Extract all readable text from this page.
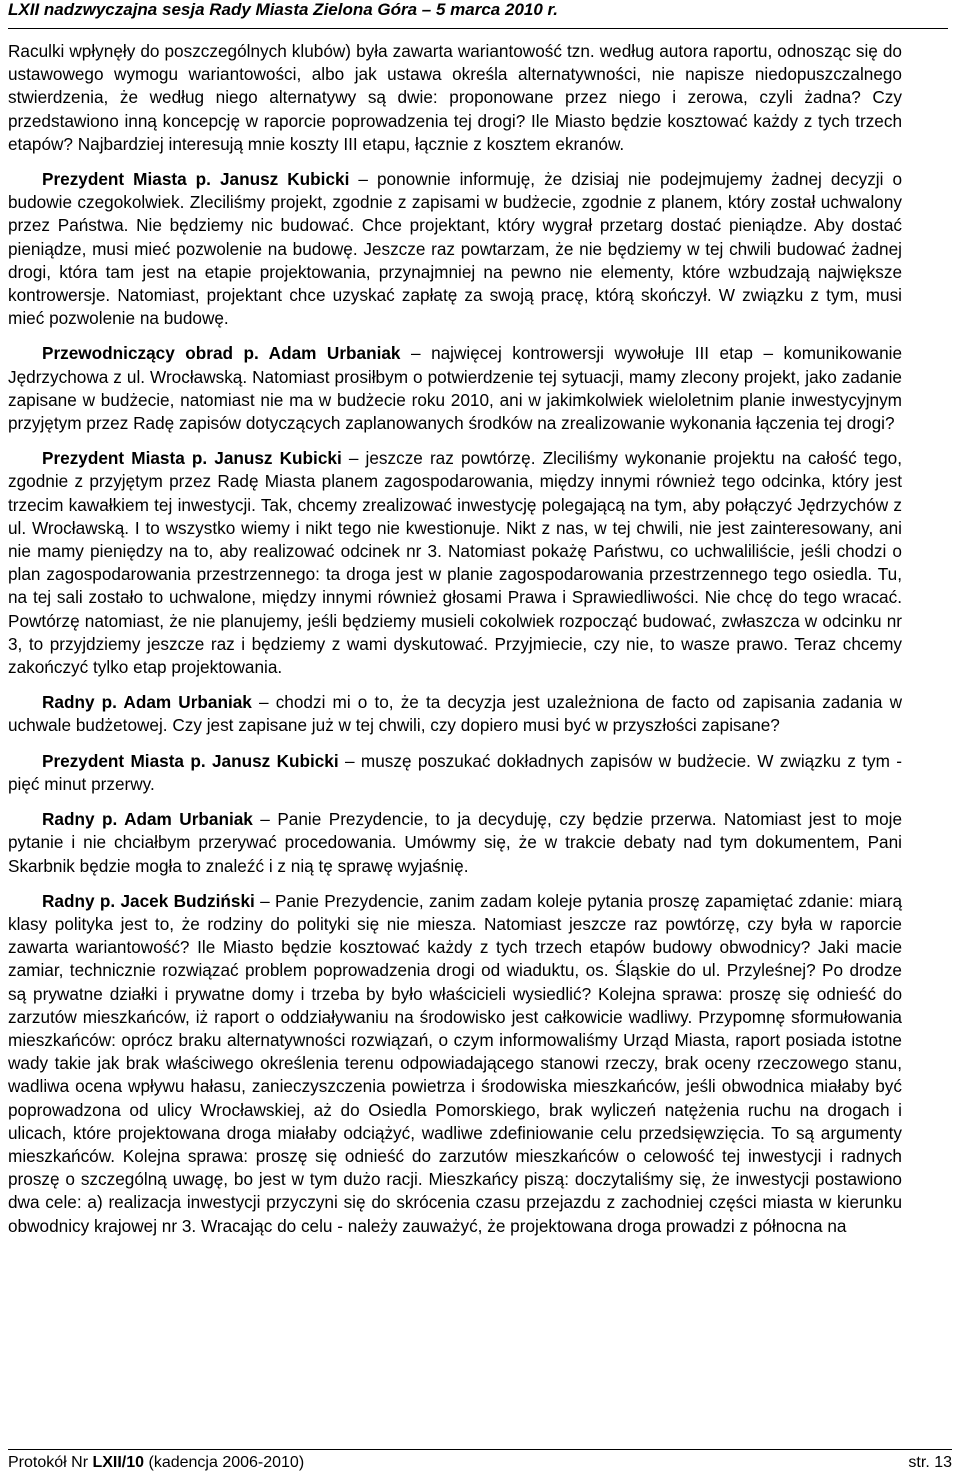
LXII nadzwyczajna sesja Rady Miasta Zielona Góra – 5 marca 2010 r.

Raculki wpłynęły do poszczególnych klubów) była zawarta wariantowość tzn. według autora raportu, odnosząc się do ustawowego wymogu wariantowości, albo jak ustawa określa alternatywności, nie napisze niedopuszczalnego stwierdzenia, że według niego alternatywy są dwie: proponowane przez niego i zerowa, czyli żadna? Czy przedstawiono inną koncepcję w raporcie poprowadzenia tej drogi? Ile Miasto będzie kosztować każdy z tych trzech etapów? Najbardziej interesują mnie koszty III etapu, łącznie z kosztem ekranów.

Prezydent Miasta p. Janusz Kubicki – ponownie informuję, że dzisiaj nie podejmujemy żadnej decyzji o budowie czegokolwiek. Zleciliśmy projekt, zgodnie z zapisami w budżecie, zgodnie z planem, który został uchwalony przez Państwa. Nie będziemy nic budować. Chce projektant, który wygrał przetarg dostać pieniądze. Aby dostać pieniądze, musi mieć pozwolenie na budowę. Jeszcze raz powtarzam, że nie będziemy w tej chwili budować żadnej drogi, która tam jest na etapie projektowania, przynajmniej na pewno nie elementy, które wzbudzają największe kontrowersje. Natomiast, projektant chce uzyskać zapłatę za swoją pracę, którą skończył. W związku z tym, musi mieć pozwolenie na budowę.

Przewodniczący obrad p. Adam Urbaniak – najwięcej kontrowersji wywołuje III etap – komunikowanie Jędrzychowa z ul. Wrocławską. Natomiast prosiłbym o potwierdzenie tej sytuacji, mamy zlecony projekt, jako zadanie zapisane w budżecie, natomiast nie ma w budżecie roku 2010, ani w jakimkolwiek wieloletnim planie inwestycyjnym przyjętym przez Radę zapisów dotyczących zaplanowanych środków na zrealizowanie wykonania łączenia tej drogi?

Prezydent Miasta p. Janusz Kubicki – jeszcze raz powtórzę. Zleciliśmy wykonanie projektu na całość tego, zgodnie z przyjętym przez Radę Miasta planem zagospodarowania, między innymi również tego odcinka, który jest trzecim kawałkiem tej inwestycji. Tak, chcemy zrealizować inwestycję polegającą na tym, aby połączyć Jędrzychów z ul. Wrocławską. I to wszystko wiemy i nikt tego nie kwestionuje. Nikt z nas, w tej chwili, nie jest zainteresowany, ani nie mamy pieniędzy na to, aby realizować odcinek nr 3. Natomiast pokażę Państwu, co uchwaliliście, jeśli chodzi o plan zagospodarowania przestrzennego: ta droga jest w planie zagospodarowania przestrzennego tego osiedla. Tu, na tej sali zostało to uchwalone, między innymi również głosami Prawa i Sprawiedliwości. Nie chcę do tego wracać. Powtórzę natomiast, że nie planujemy, jeśli będziemy musieli cokolwiek rozpocząć budować, zwłaszcza w odcinku nr 3, to przyjdziemy jeszcze raz i będziemy z wami dyskutować. Przyjmiecie, czy nie, to wasze prawo. Teraz chcemy zakończyć tylko etap projektowania.

Radny p. Adam Urbaniak – chodzi mi o to, że ta decyzja jest uzależniona de facto od zapisania zadania w uchwale budżetowej. Czy jest zapisane już w tej chwili, czy dopiero musi być w przyszłości zapisane?

Prezydent Miasta p. Janusz Kubicki – muszę poszukać dokładnych zapisów w budżecie. W związku z tym - pięć minut przerwy.

Radny p. Adam Urbaniak – Panie Prezydencie, to ja decyduję, czy będzie przerwa. Natomiast jest to moje pytanie i nie chciałbym przerywać procedowania. Umówmy się, że w trakcie debaty nad tym dokumentem, Pani Skarbnik będzie mogła to znaleźć i z nią tę sprawę wyjaśnię.

Radny p. Jacek Budziński – Panie Prezydencie, zanim zadam koleje pytania proszę zapamiętać zdanie: miarą klasy polityka jest to, że rodziny do polityki się nie miesza. Natomiast jeszcze raz powtórzę, czy była w raporcie zawarta wariantowość? Ile Miasto będzie kosztować każdy z tych trzech etapów budowy obwodnicy? Jaki macie zamiar, technicznie rozwiązać problem poprowadzenia drogi od wiaduktu, os. Śląskie do ul. Przyleśnej? Po drodze są prywatne działki i prywatne domy i trzeba by było właścicieli wysiedlić? Kolejna sprawa: proszę się odnieść do zarzutów mieszkańców, iż raport o oddziaływaniu na środowisko jest całkowicie wadliwy. Przypomnę sformułowania mieszkańców: oprócz braku alternatywności rozwiązań, o czym informowaliśmy Urząd Miasta, raport posiada istotne wady takie jak brak właściwego określenia terenu odpowiadającego stanowi rzeczy, brak oceny rzeczowego stanu, wadliwa ocena wpływu hałasu, zanieczyszczenia powietrza i środowiska mieszkańców, jeśli obwodnica miałaby być poprowadzona od ulicy Wrocławskiej, aż do Osiedla Pomorskiego, brak wyliczeń natężenia ruchu na drogach i ulicach, które projektowana droga miałaby odciążyć, wadliwe zdefiniowanie celu przedsięwzięcia. To są argumenty mieszkańców. Kolejna sprawa: proszę się odnieść do zarzutów mieszkańców o celowość tej inwestycji i radnych proszę o szczególną uwagę, bo jest w tym dużo racji. Mieszkańcy piszą: doczytaliśmy się, że inwestycji postawiono dwa cele: a) realizacja inwestycji przyczyni się do skrócenia czasu przejazdu z zachodniej części miasta w kierunku obwodnicy krajowej nr 3. Wracając do celu - należy zauważyć, że projektowana droga prowadzi z północna na

Protokół Nr LXII/10 (kadencja 2006-2010)	str. 13
